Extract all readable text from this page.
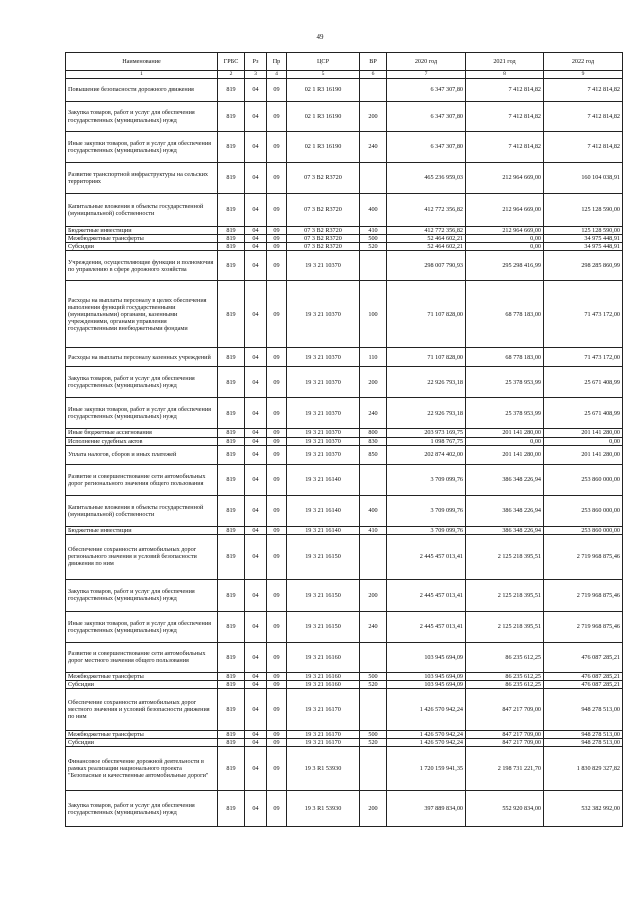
49
Наименование	ГРБС	Рз	Пр	ЦСР	ВР	2020 год	2021 год	2022 год
1	2	3	4	5	6	7	8	9
Повышение безопасности дорожного движения	819	04	09	02 1 R3 16190		6 347 307,80	7 412 814,82	7 412 814,82
Закупка товаров, работ и услуг для обеспечения государственных (муниципальных) нужд	819	04	09	02 1 R3 16190	200	6 347 307,80	7 412 814,82	7 412 814,82
Иные закупки товаров, работ и услуг для обеспечения государственных (муниципальных) нужд	819	04	09	02 1 R3 16190	240	6 347 307,80	7 412 814,82	7 412 814,82
Развитие транспортной инфраструктуры на сельских территориях	819	04	09	07 3 B2 R3720		465 236 959,03	212 964 669,00	160 104 038,91
Капитальные вложения в объекты государственной (муниципальной) собственности	819	04	09	07 3 B2 R3720	400	412 772 356,82	212 964 669,00	125 128 590,00
Бюджетные инвестиции	819	04	09	07 3 B2 R3720	410	412 772 356,82	212 964 669,00	125 128 590,00
Межбюджетные трансферты	819	04	09	07 3 B2 R3720	500	52 464 602,21	0,00	34 975 448,91
Субсидии	819	04	09	07 3 B2 R3720	520	52 464 602,21	0,00	34 975 448,91
Учреждения, осуществляющие функции и полномочия по управлению в сфере дорожного хозяйства	819	04	09	19 3 21 10370		298 007 790,93	295 298 416,99	298 285 860,99
Расходы на выплаты персоналу в целях обеспечения выполнения функций государственными (муниципальными) органами, казенными учреждениями, органами управления государственными внебюджетными фондами	819	04	09	19 3 21 10370	100	71 107 828,00	68 778 183,00	71 473 172,00
Расходы на выплаты персоналу казенных учреждений	819	04	09	19 3 21 10370	110	71 107 828,00	68 778 183,00	71 473 172,00
Закупка товаров, работ и услуг для обеспечения государственных (муниципальных) нужд	819	04	09	19 3 21 10370	200	22 926 793,18	25 378 953,99	25 671 408,99
Иные закупки товаров, работ и услуг для обеспечения государственных (муниципальных) нужд	819	04	09	19 3 21 10370	240	22 926 793,18	25 378 953,99	25 671 408,99
Иные бюджетные ассигнования	819	04	09	19 3 21 10370	800	203 973 169,75	201 141 280,00	201 141 280,00
Исполнение судебных актов	819	04	09	19 3 21 10370	830	1 098 767,75	0,00	0,00
Уплата налогов, сборов и иных платежей	819	04	09	19 3 21 10370	850	202 874 402,00	201 141 280,00	201 141 280,00
Развитие и совершенствование сети автомобильных дорог регионального значения общего пользования	819	04	09	19 3 21 16140		3 709 099,76	386 348 226,94	253 860 000,00
Капитальные вложения в объекты государственной (муниципальной) собственности	819	04	09	19 3 21 16140	400	3 709 099,76	386 348 226,94	253 860 000,00
Бюджетные инвестиции	819	04	09	19 3 21 16140	410	3 709 099,76	386 348 226,94	253 860 000,00
Обеспечение сохранности автомобильных дорог регионального значения и условий безопасности движения по ним	819	04	09	19 3 21 16150		2 445 457 013,41	2 125 218 395,51	2 719 968 875,46
Закупка товаров, работ и услуг для обеспечения государственных (муниципальных) нужд	819	04	09	19 3 21 16150	200	2 445 457 013,41	2 125 218 395,51	2 719 968 875,46
Иные закупки товаров, работ и услуг для обеспечения государственных (муниципальных) нужд	819	04	09	19 3 21 16150	240	2 445 457 013,41	2 125 218 395,51	2 719 968 875,46
Развитие и совершенствование сети автомобильных дорог местного значения общего пользования	819	04	09	19 3 21 16160		103 945 694,09	86 235 612,25	476 087 285,21
Межбюджетные трансферты	819	04	09	19 3 21 16160	500	103 945 694,09	86 235 612,25	476 087 285,21
Субсидии	819	04	09	19 3 21 16160	520	103 945 694,09	86 235 612,25	476 087 285,21
Обеспечение сохранности автомобильных дорог местного значения и условий безопасности движения по ним	819	04	09	19 3 21 16170		1 426 570 942,24	847 217 709,00	948 278 513,00
Межбюджетные трансферты	819	04	09	19 3 21 16170	500	1 426 570 942,24	847 217 709,00	948 278 513,00
Субсидии	819	04	09	19 3 21 16170	520	1 426 570 942,24	847 217 709,00	948 278 513,00
Финансовое обеспечение дорожной деятельности в рамках реализации национального проекта "Безопасные и качественные автомобильные дороги"	819	04	09	19 3 R1 53930		1 720 159 941,35	2 198 731 221,70	1 830 829 327,82
Закупка товаров, работ и услуг для обеспечения государственных (муниципальных) нужд	819	04	09	19 3 R1 53930	200	397 889 834,00	552 920 834,00	532 382 992,00
